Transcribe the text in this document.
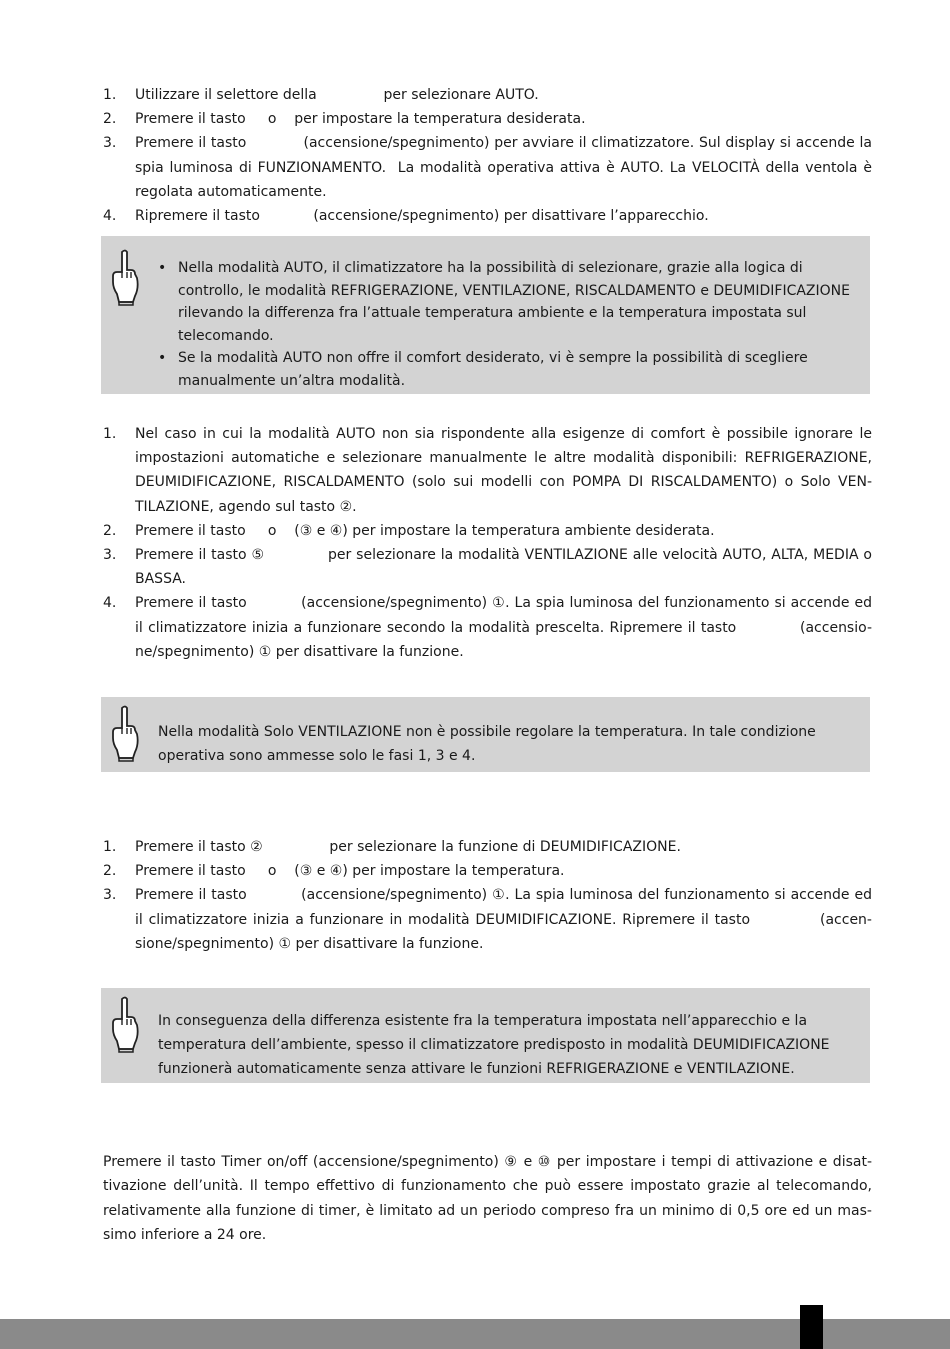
1. Utilizzare il selettore della               per selezionare AUTO.
2. Premere il tasto     o    per impostare la temperatura desiderata.
3. Premere il tasto            (accensione/spegnimento) per avviare il climatizzatore. Sul display si accende la spia luminosa di FUNZIONAMENTO.  La modalità operativa attiva è AUTO. La VELOCITÀ della ventola è regolata automaticamente.
4. Ripremere il tasto            (accensione/spegnimento) per disattivare l’apparecchio.
• Nella modalità AUTO, il climatizzatore ha la possibilità di selezionare, grazie alla logica di controllo, le modalità REFRIGERAZIONE, VENTILAZIONE, RISCALDAMENTO e DEUMIDIFICAZIONE rilevando la differenza fra l’attuale temperatura ambiente e la temperatura impostata sul telecomando.
• Se la modalità AUTO non offre il comfort desiderato, vi è sempre la possibilità di scegliere manualmente un’altra modalità.
1. Nel caso in cui la modalità AUTO non sia rispondente alla esigenze di comfort è possibile ignorare le impostazioni automatiche e selezionare manualmente le altre modalità disponibili: REFRIGERAZIONE, DEUMIDIFICAZIONE, RISCALDAMENTO (solo sui modelli con POMPA DI RISCALDAMENTO) o Solo VEN-TILAZIONE, agendo sul tasto ②.
2. Premere il tasto     o    (③ e ④) per impostare la temperatura ambiente desiderata.
3. Premere il tasto ⑤             per selezionare la modalità VENTILAZIONE alle velocità AUTO, ALTA, MEDIA o BASSA.
4. Premere il tasto           (accensione/spegnimento) ①. La spia luminosa del funzionamento si accende ed il climatizzatore inizia a funzionare secondo la modalità prescelta. Ripremere il tasto            (accensio-ne/spegnimento) ① per disattivare la funzione.

Nella modalità Solo VENTILAZIONE non è possibile regolare la temperatura. In tale condizione operativa sono ammesse solo le fasi 1, 3 e 4.

1. Premere il tasto ②               per selezionare la funzione di DEUMIDIFICAZIONE.
2. Premere il tasto     o    (③ e ④) per impostare la temperatura.
3. Premere il tasto           (accensione/spegnimento) ①. La spia luminosa del funzionamento si accende ed il climatizzatore inizia a funzionare in modalità DEUMIDIFICAZIONE. Ripremere il tasto            (accen-sione/spegnimento) ① per disattivare la funzione.

In conseguenza della differenza esistente fra la temperatura impostata nell’apparecchio e la temperatura dell’ambiente, spesso il climatizzatore predisposto in modalità DEUMIDIFICAZIONE funzionerà automaticamente senza attivare le funzioni REFRIGERAZIONE e VENTILAZIONE.

Premere il tasto Timer on/off (accensione/spegnimento) ⑨ e ⑩ per impostare i tempi di attivazione e disat-tivazione dell’unità. Il tempo effettivo di funzionamento che può essere impostato grazie al telecomando, relativamente alla funzione di timer, è limitato ad un periodo compreso fra un minimo di 0,5 ore ed un mas-simo inferiore a 24 ore.
